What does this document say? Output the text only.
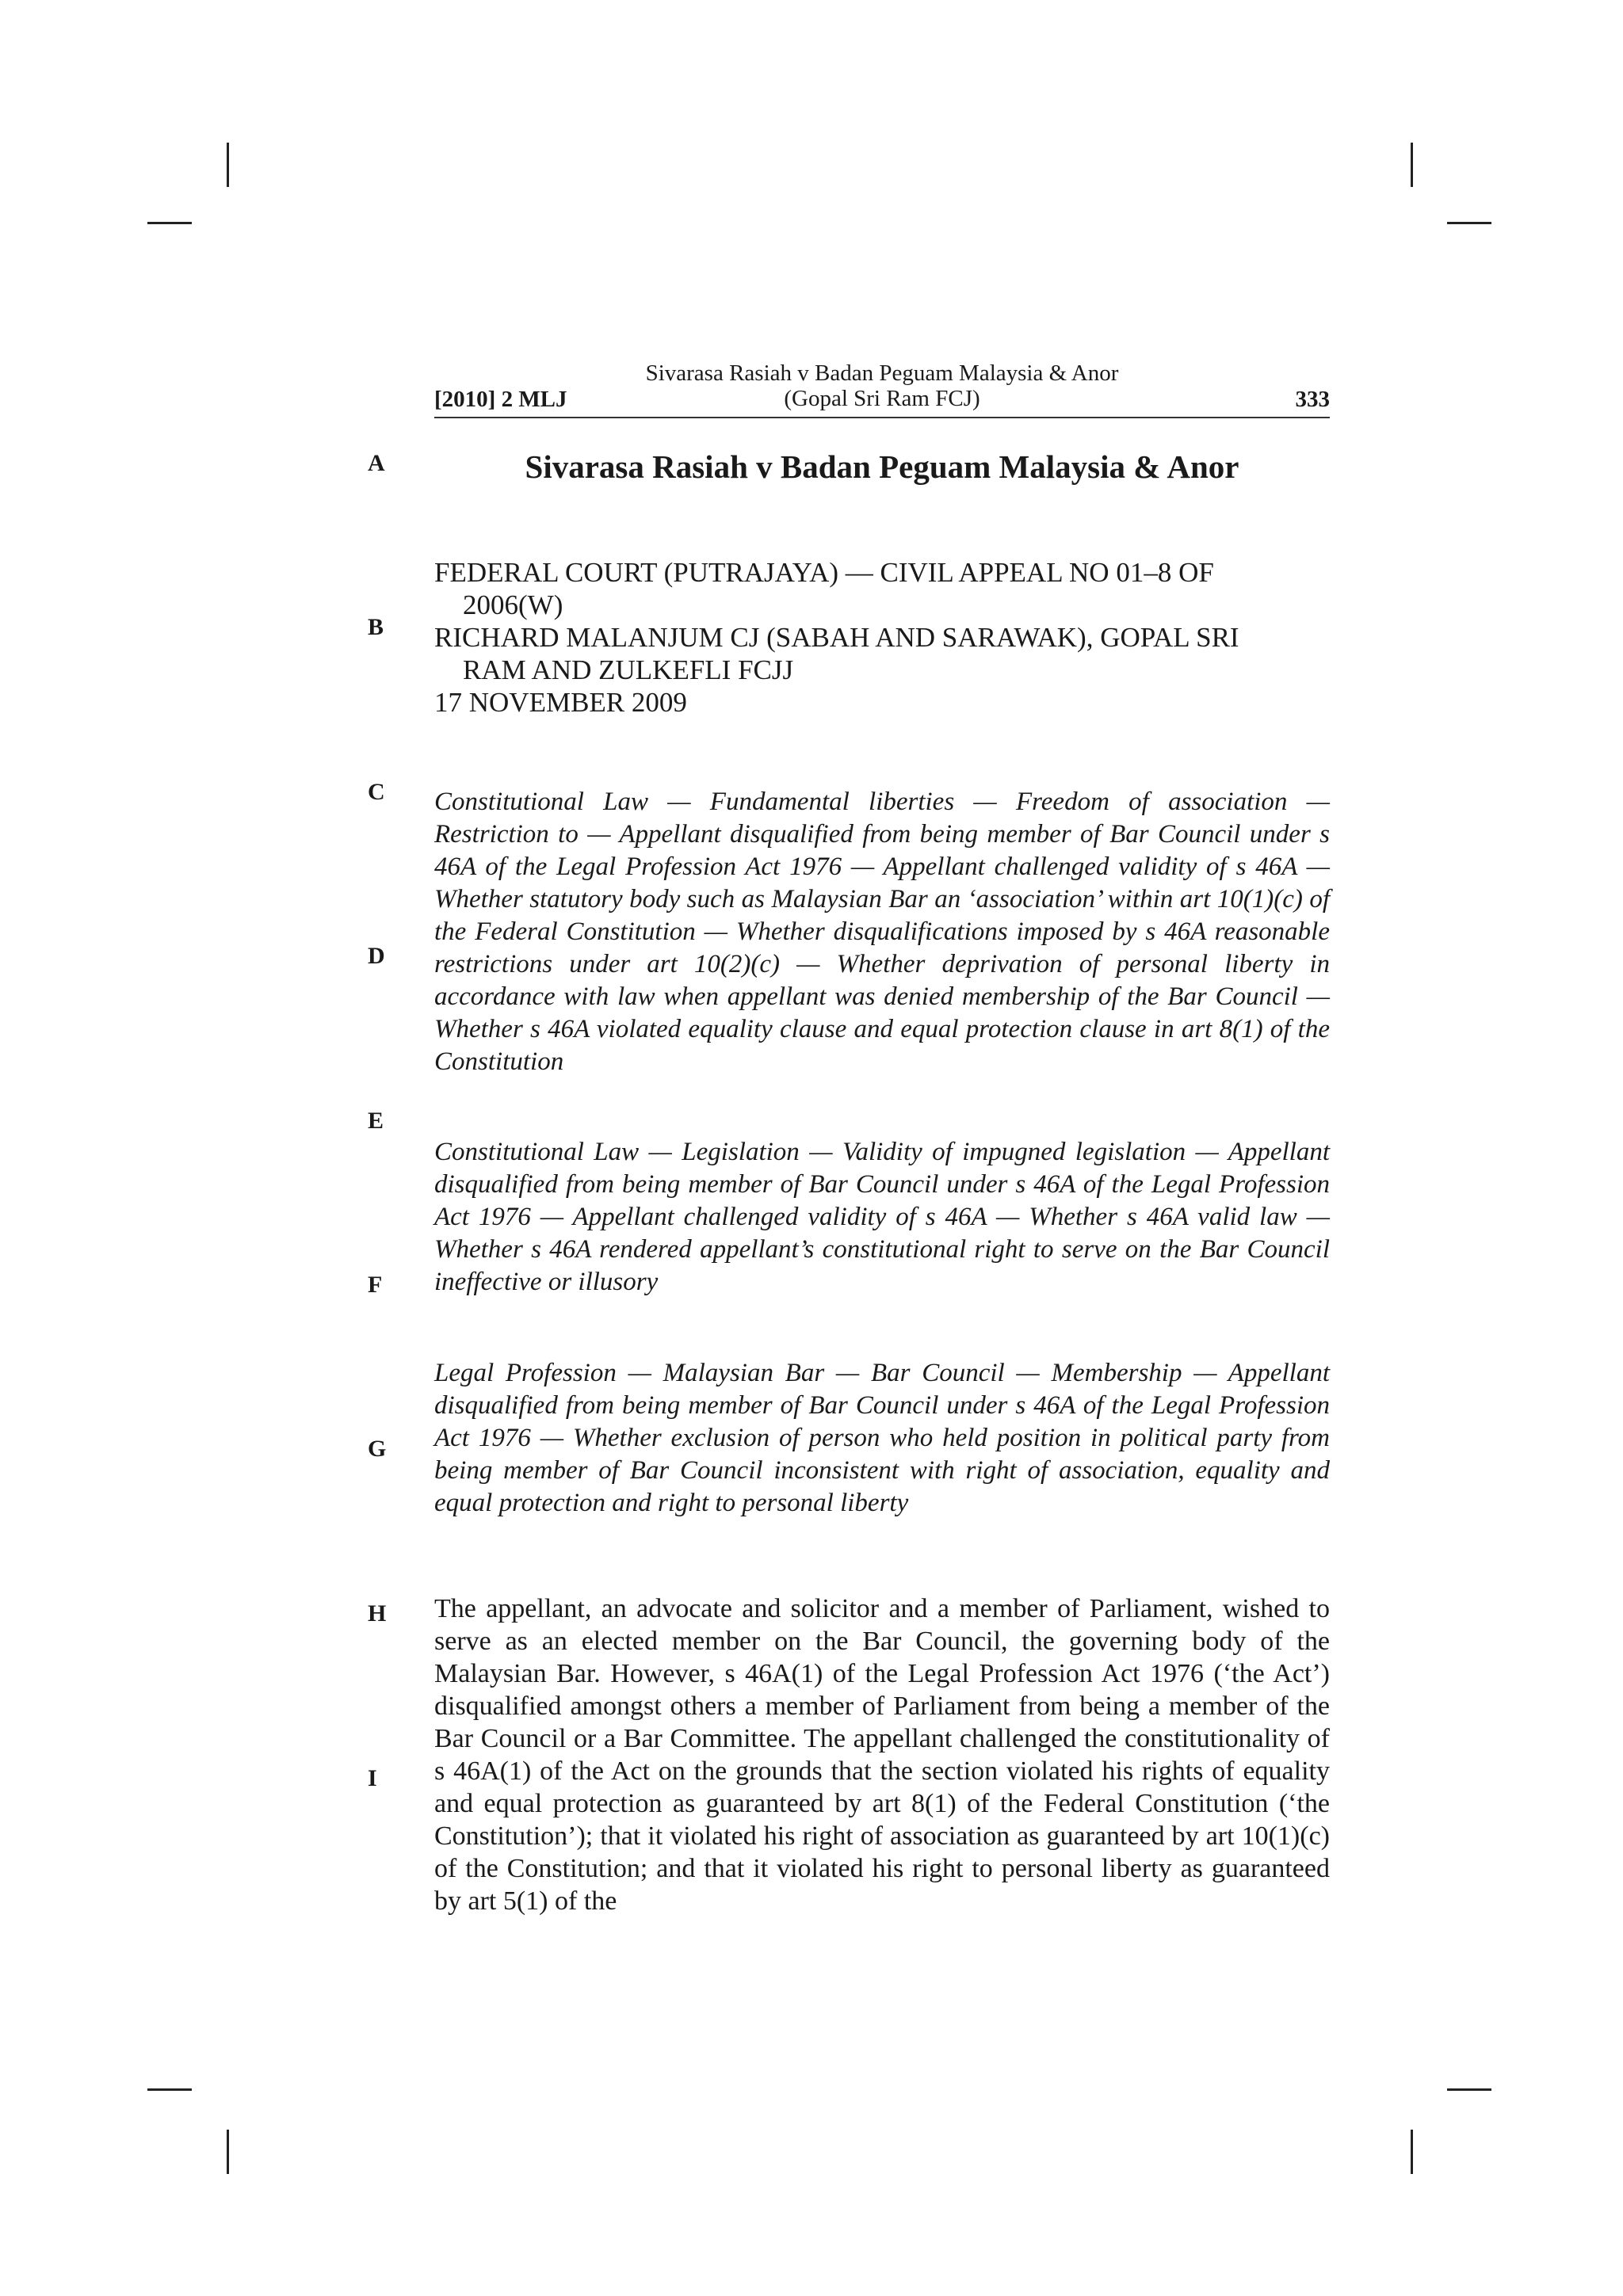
Sivarasa Rasiah v Badan Peguam Malaysia & Anor
(Gopal Sri Ram FCJ)
[2010] 2 MLJ	333
A
B
C
D
E
F
G
H
I
Sivarasa Rasiah v Badan Peguam Malaysia & Anor
FEDERAL COURT (PUTRAJAYA) — CIVIL APPEAL NO 01–8 OF
2006(W)
RICHARD MALANJUM CJ (SABAH AND SARAWAK), GOPAL SRI
RAM AND ZULKEFLI FCJJ
17 NOVEMBER 2009
Constitutional Law — Fundamental liberties — Freedom of association — Restriction to — Appellant disqualified from being member of Bar Council under s 46A of the Legal Profession Act 1976 — Appellant challenged validity of s 46A — Whether statutory body such as Malaysian Bar an ‘association’ within art 10(1)(c) of the Federal Constitution — Whether disqualifications imposed by s 46A reasonable restrictions under art 10(2)(c) — Whether deprivation of personal liberty in accordance with law when appellant was denied membership of the Bar Council — Whether s 46A violated equality clause and equal protection clause in art 8(1) of the Constitution
Constitutional Law — Legislation — Validity of impugned legislation — Appellant disqualified from being member of Bar Council under s 46A of the Legal Profession Act 1976 — Appellant challenged validity of s 46A — Whether s 46A valid law — Whether s 46A rendered appellant’s constitutional right to serve on the Bar Council ineffective or illusory
Legal Profession — Malaysian Bar — Bar Council — Membership — Appellant disqualified from being member of Bar Council under s 46A of the Legal Profession Act 1976 — Whether exclusion of person who held position in political party from being member of Bar Council inconsistent with right of association, equality and equal protection and right to personal liberty
The appellant, an advocate and solicitor and a member of Parliament, wished to serve as an elected member on the Bar Council, the governing body of the Malaysian Bar. However, s 46A(1) of the Legal Profession Act 1976 (‘the Act’) disqualified amongst others a member of Parliament from being a member of the Bar Council or a Bar Committee. The appellant challenged the constitutionality of s 46A(1) of the Act on the grounds that the section violated his rights of equality and equal protection as guaranteed by art 8(1) of the Federal Constitution (‘the Constitution’); that it violated his right of association as guaranteed by art 10(1)(c) of the Constitution; and that it violated his right to personal liberty as guaranteed by art 5(1) of the
